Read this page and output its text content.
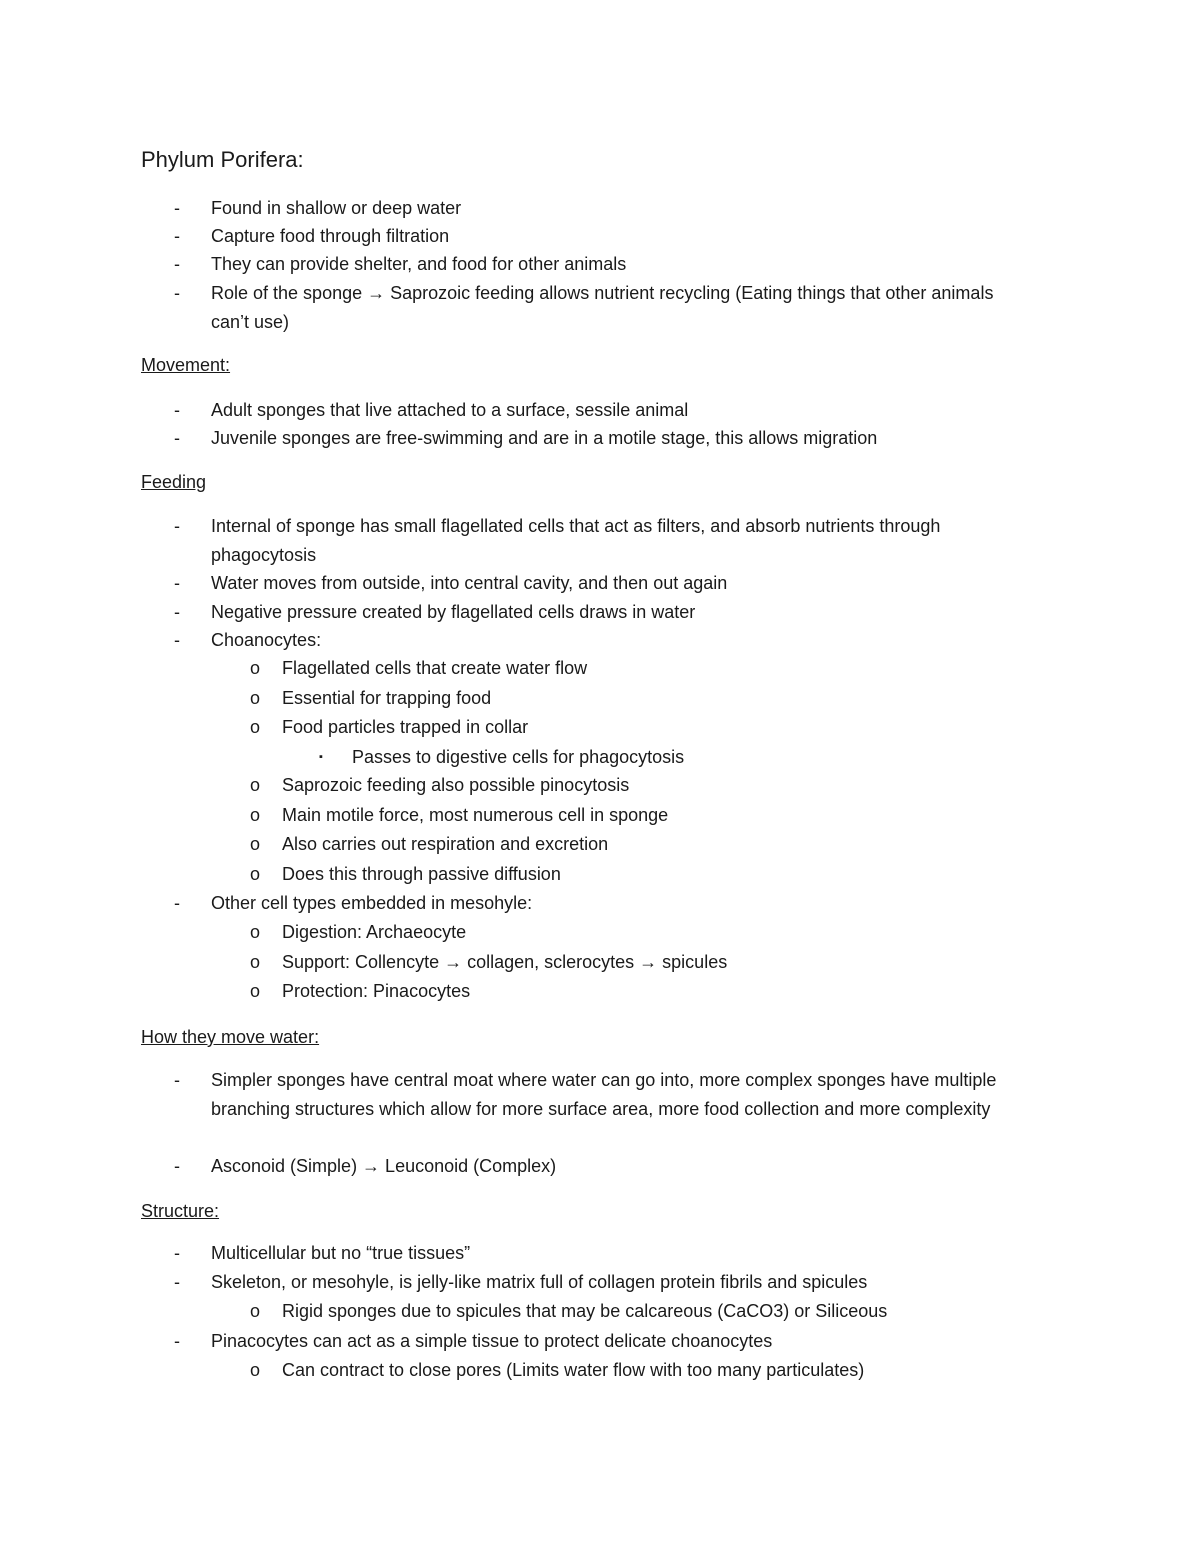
Phylum Porifera:
- Found in shallow or deep water
- Capture food through filtration
- They can provide shelter, and food for other animals
- Role of the sponge → Saprozoic feeding allows nutrient recycling (Eating things that other animals can’t use)
Movement:
- Adult sponges that live attached to a surface, sessile animal
- Juvenile sponges are free-swimming and are in a motile stage, this allows migration
Feeding
- Internal of sponge has small flagellated cells that act as filters, and absorb nutrients through phagocytosis
- Water moves from outside, into central cavity, and then out again
- Negative pressure created by flagellated cells draws in water
- Choanocytes:
o Flagellated cells that create water flow
o Essential for trapping food
o Food particles trapped in collar
▪ Passes to digestive cells for phagocytosis
o Saprozoic feeding also possible pinocytosis
o Main motile force, most numerous cell in sponge
o Also carries out respiration and excretion
o Does this through passive diffusion
- Other cell types embedded in mesohyle:
o Digestion: Archaeocyte
o Support: Collencyte → collagen, sclerocytes → spicules
o Protection: Pinacocytes
How they move water:
- Simpler sponges have central moat where water can go into, more complex sponges have multiple branching structures which allow for more surface area, more food collection and more complexity
- Asconoid (Simple) → Leuconoid (Complex)
Structure:
- Multicellular but no “true tissues”
- Skeleton, or mesohyle, is jelly-like matrix full of collagen protein fibrils and spicules
o Rigid sponges due to spicules that may be calcareous (CaCO3) or Siliceous
- Pinacocytes can act as a simple tissue to protect delicate choanocytes
o Can contract to close pores (Limits water flow with too many particulates)
